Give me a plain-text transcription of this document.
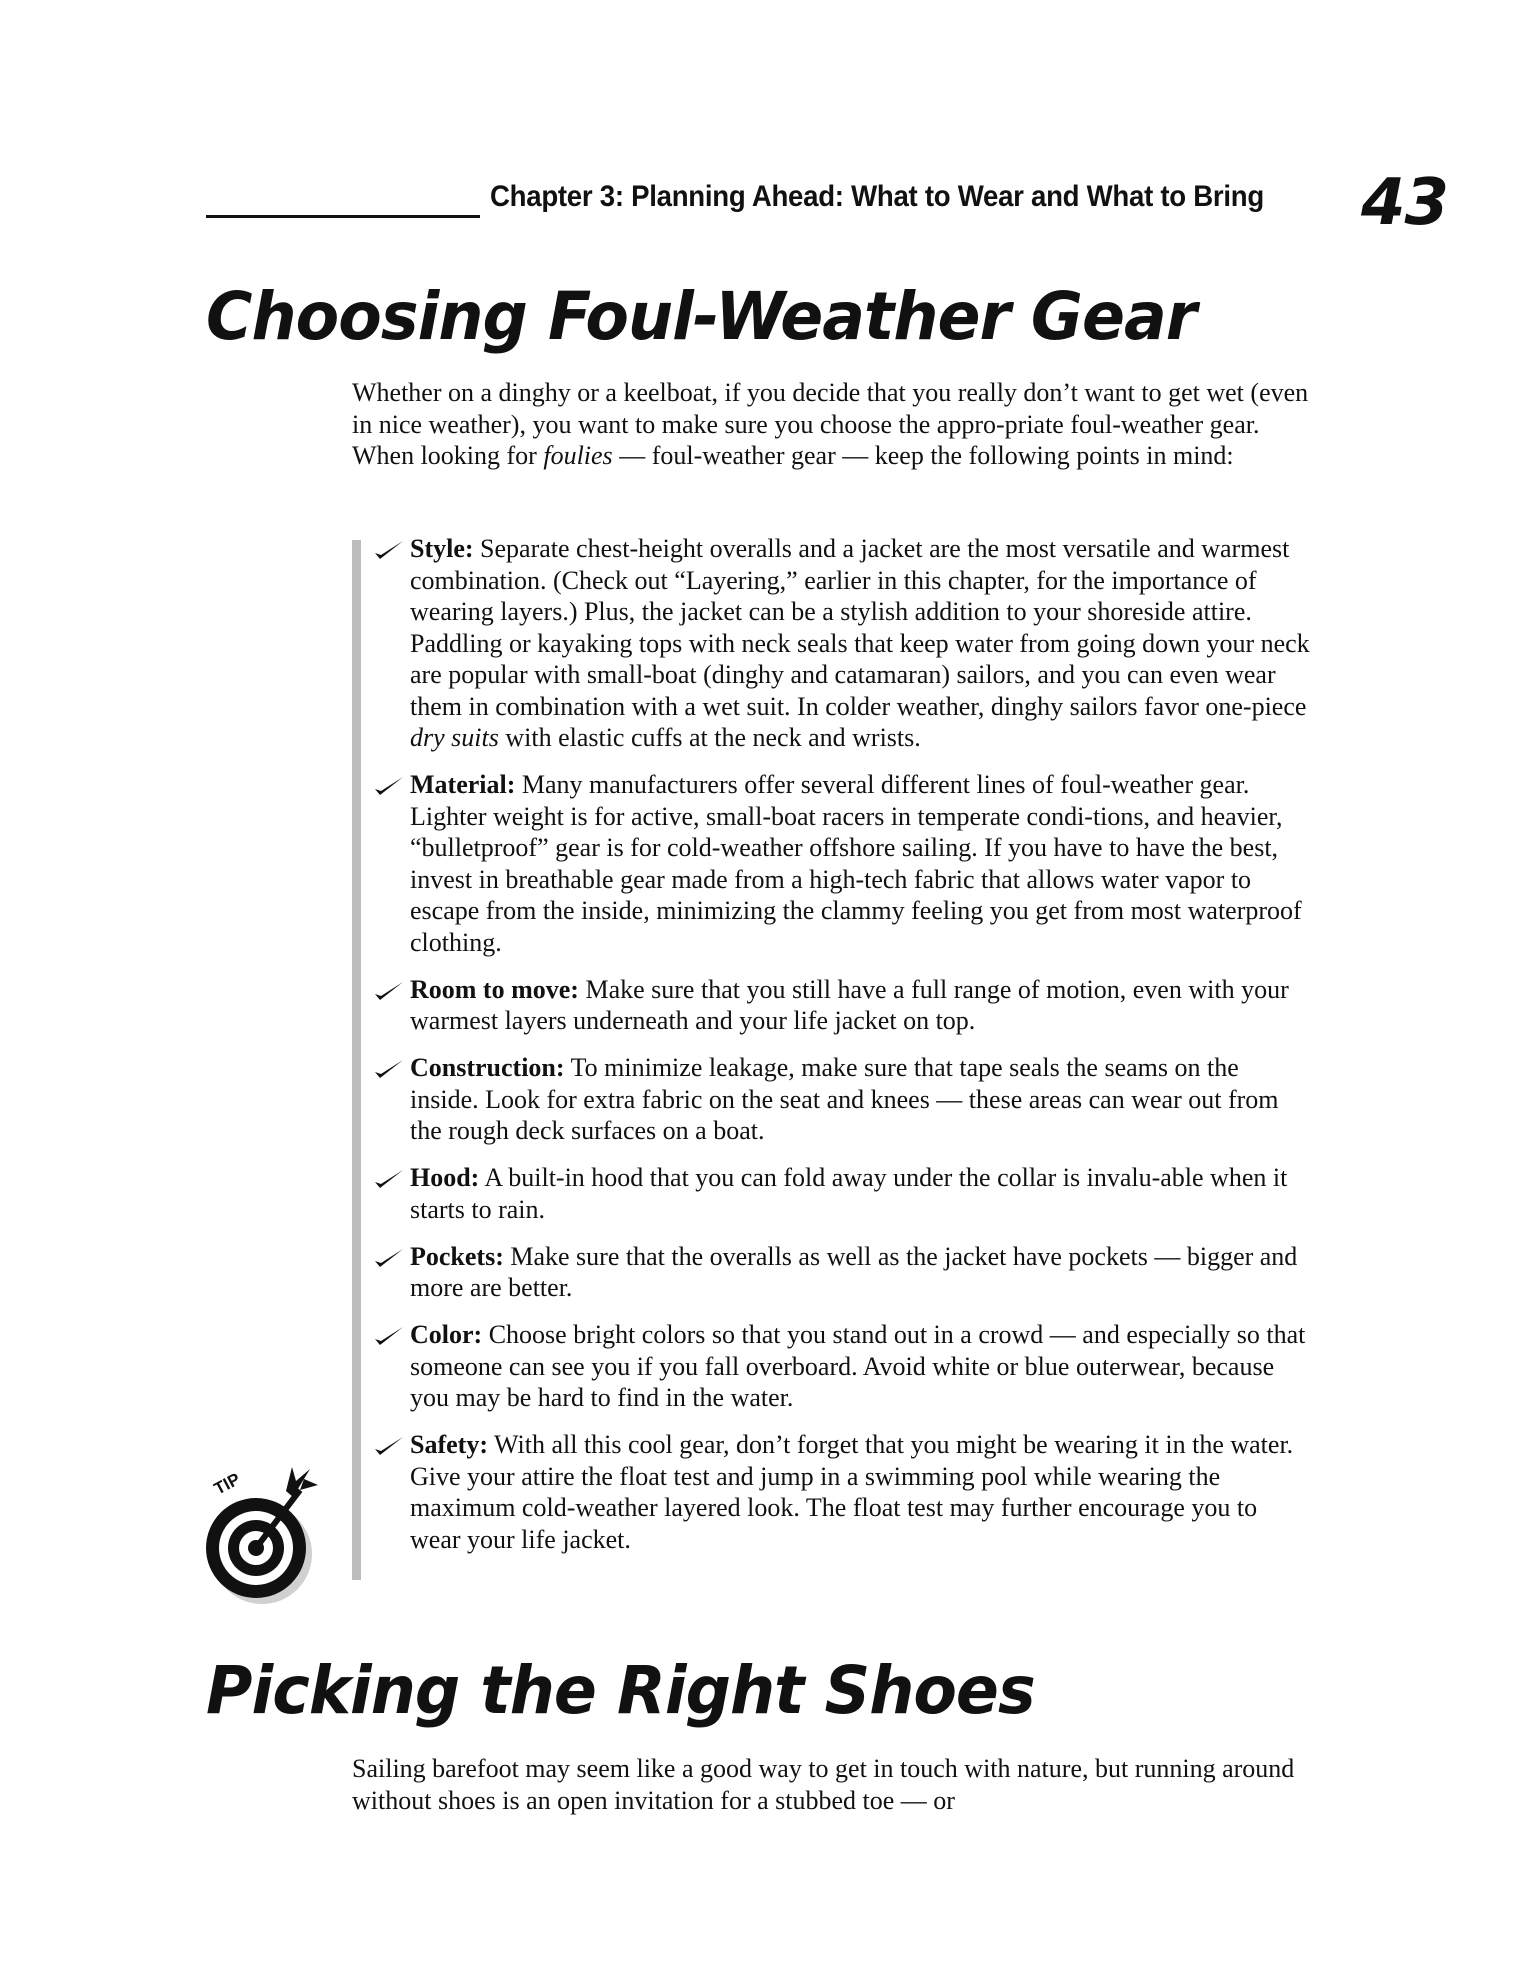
Chapter 3: Planning Ahead: What to Wear and What to Bring 43
Choosing Foul-Weather Gear

Whether on a dinghy or a keelboat, if you decide that you really don’t want to get wet (even in nice weather), you want to make sure you choose the appro-priate foul-weather gear. When looking for foulies — foul-weather gear — keep the following points in mind:

Style: Separate chest-height overalls and a jacket are the most versatile and warmest combination. (Check out “Layering,” earlier in this chapter, for the importance of wearing layers.) Plus, the jacket can be a stylish addition to your shoreside attire. Paddling or kayaking tops with neck seals that keep water from going down your neck are popular with small-boat (dinghy and catamaran) sailors, and you can even wear them in combination with a wet suit. In colder weather, dinghy sailors favor one-piece dry suits with elastic cuffs at the neck and wrists.
Material: Many manufacturers offer several different lines of foul-weather gear. Lighter weight is for active, small-boat racers in temperate condi-tions, and heavier, “bulletproof” gear is for cold-weather offshore sailing. If you have to have the best, invest in breathable gear made from a high-tech fabric that allows water vapor to escape from the inside, minimizing the clammy feeling you get from most waterproof clothing.
Room to move: Make sure that you still have a full range of motion, even with your warmest layers underneath and your life jacket on top.
Construction: To minimize leakage, make sure that tape seals the seams on the inside. Look for extra fabric on the seat and knees — these areas can wear out from the rough deck surfaces on a boat.
Hood: A built-in hood that you can fold away under the collar is invalu-able when it starts to rain.
Pockets: Make sure that the overalls as well as the jacket have pockets — bigger and more are better.
Color: Choose bright colors so that you stand out in a crowd — and especially so that someone can see you if you fall overboard. Avoid white or blue outerwear, because you may be hard to find in the water.
Safety: With all this cool gear, don’t forget that you might be wearing it in the water. Give your attire the float test and jump in a swimming pool while wearing the maximum cold-weather layered look. The float test may further encourage you to wear your life jacket.
TIP
Picking the Right Shoes

Sailing barefoot may seem like a good way to get in touch with nature, but running around without shoes is an open invitation for a stubbed toe — or
